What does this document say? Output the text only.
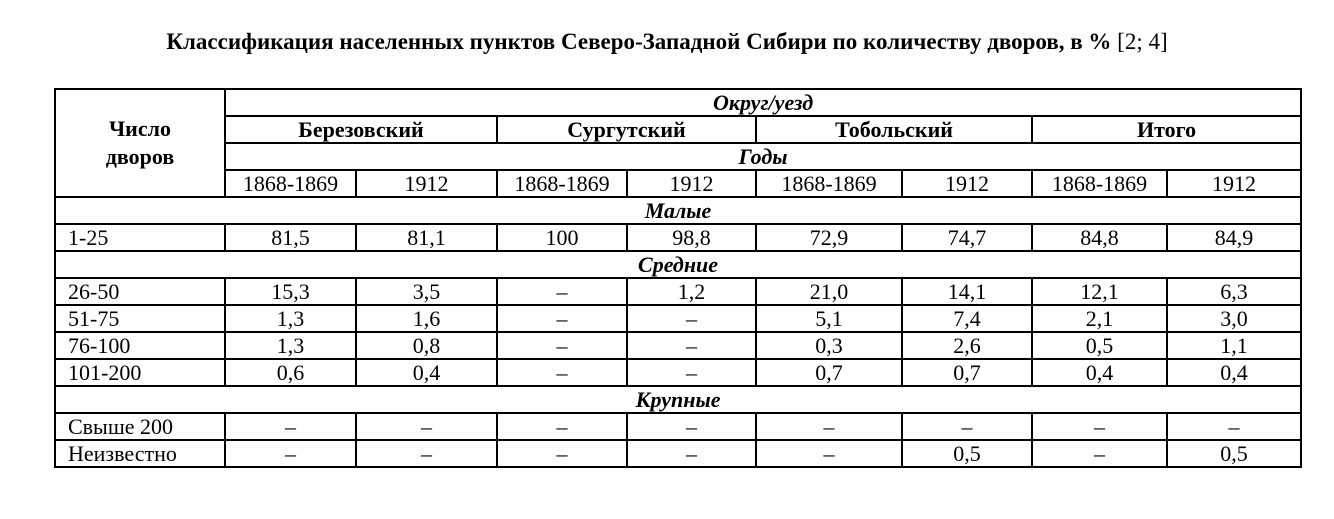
Классификация населенных пунктов Северо-Западной Сибири по количеству дворов, в % [2; 4]
Число
дворов	Округ/уезд							
	Березовский		Сургутский		Тобольский		Итого	
	Годы							
	1868-1869	1912	1868-1869	1912	1868-1869	1912	1868-1869	1912
Малые								
1-25	81,5	81,1	100	98,8	72,9	74,7	84,8	84,9
Средние								
26-50	15,3	3,5	–	1,2	21,0	14,1	12,1	6,3
51-75	1,3	1,6	–	–	5,1	7,4	2,1	3,0
76-100	1,3	0,8	–	–	0,3	2,6	0,5	1,1
101-200	0,6	0,4	–	–	0,7	0,7	0,4	0,4
Крупные								
Свыше 200	–	–	–	–	–	–	–	–
Неизвестно	–	–	–	–	–	0,5	–	0,5
